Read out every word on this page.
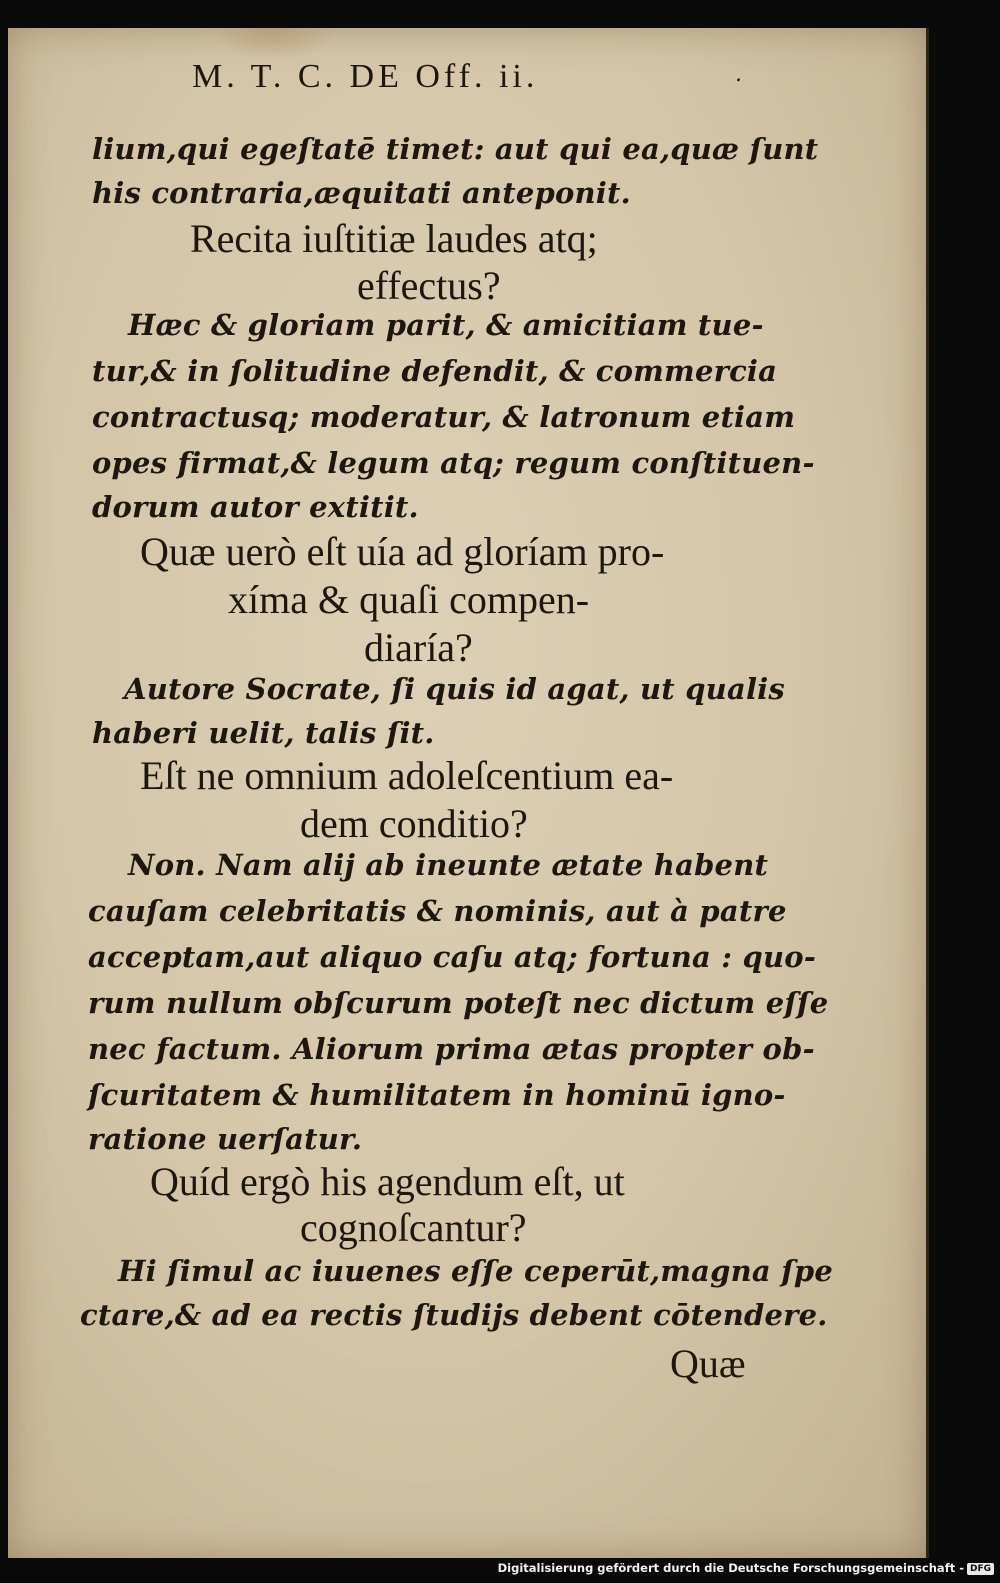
M. T. C. DE Off. ii.	.
lium,qui egeſtatē timet: aut qui ea,quæ ſunt
his contraria,æquitati anteponit.
Recita iuſtitiæ laudes atq;
effectus?
Hæc & gloriam parit, & amicitiam tue-
tur,& in ſolitudine defendit, & commercia
contractusq; moderatur, & latronum etiam
opes firmat,& legum atq; regum conſtituen-
dorum autor extitit.
Quæ uerò eſt uía ad gloríam pro-
xíma & quaſi compen-
diaría?
Autore Socrate, ſi quis id agat, ut qualis
haberi uelit, talis ſit.
Eſt ne omnium adoleſcentium ea-
dem conditio?
Non. Nam alij ab ineunte ætate habent
cauſam celebritatis & nominis, aut à patre
acceptam,aut aliquo caſu atq; fortuna : quo-
rum nullum obſcurum poteſt nec dictum eſſe
nec factum. Aliorum prima ætas propter ob-
ſcuritatem & humilitatem in hominū igno-
ratione uerſatur.
Quíd ergò his agendum eſt, ut
cognoſcantur?
Hi ſimul ac iuuenes eſſe ceperūt,magna ſpe
ctare,& ad ea rectis ſtudijs debent cōtendere.
Quæ
Digitalisierung gefördert durch die Deutsche Forschungsgemeinschaft - DFG
